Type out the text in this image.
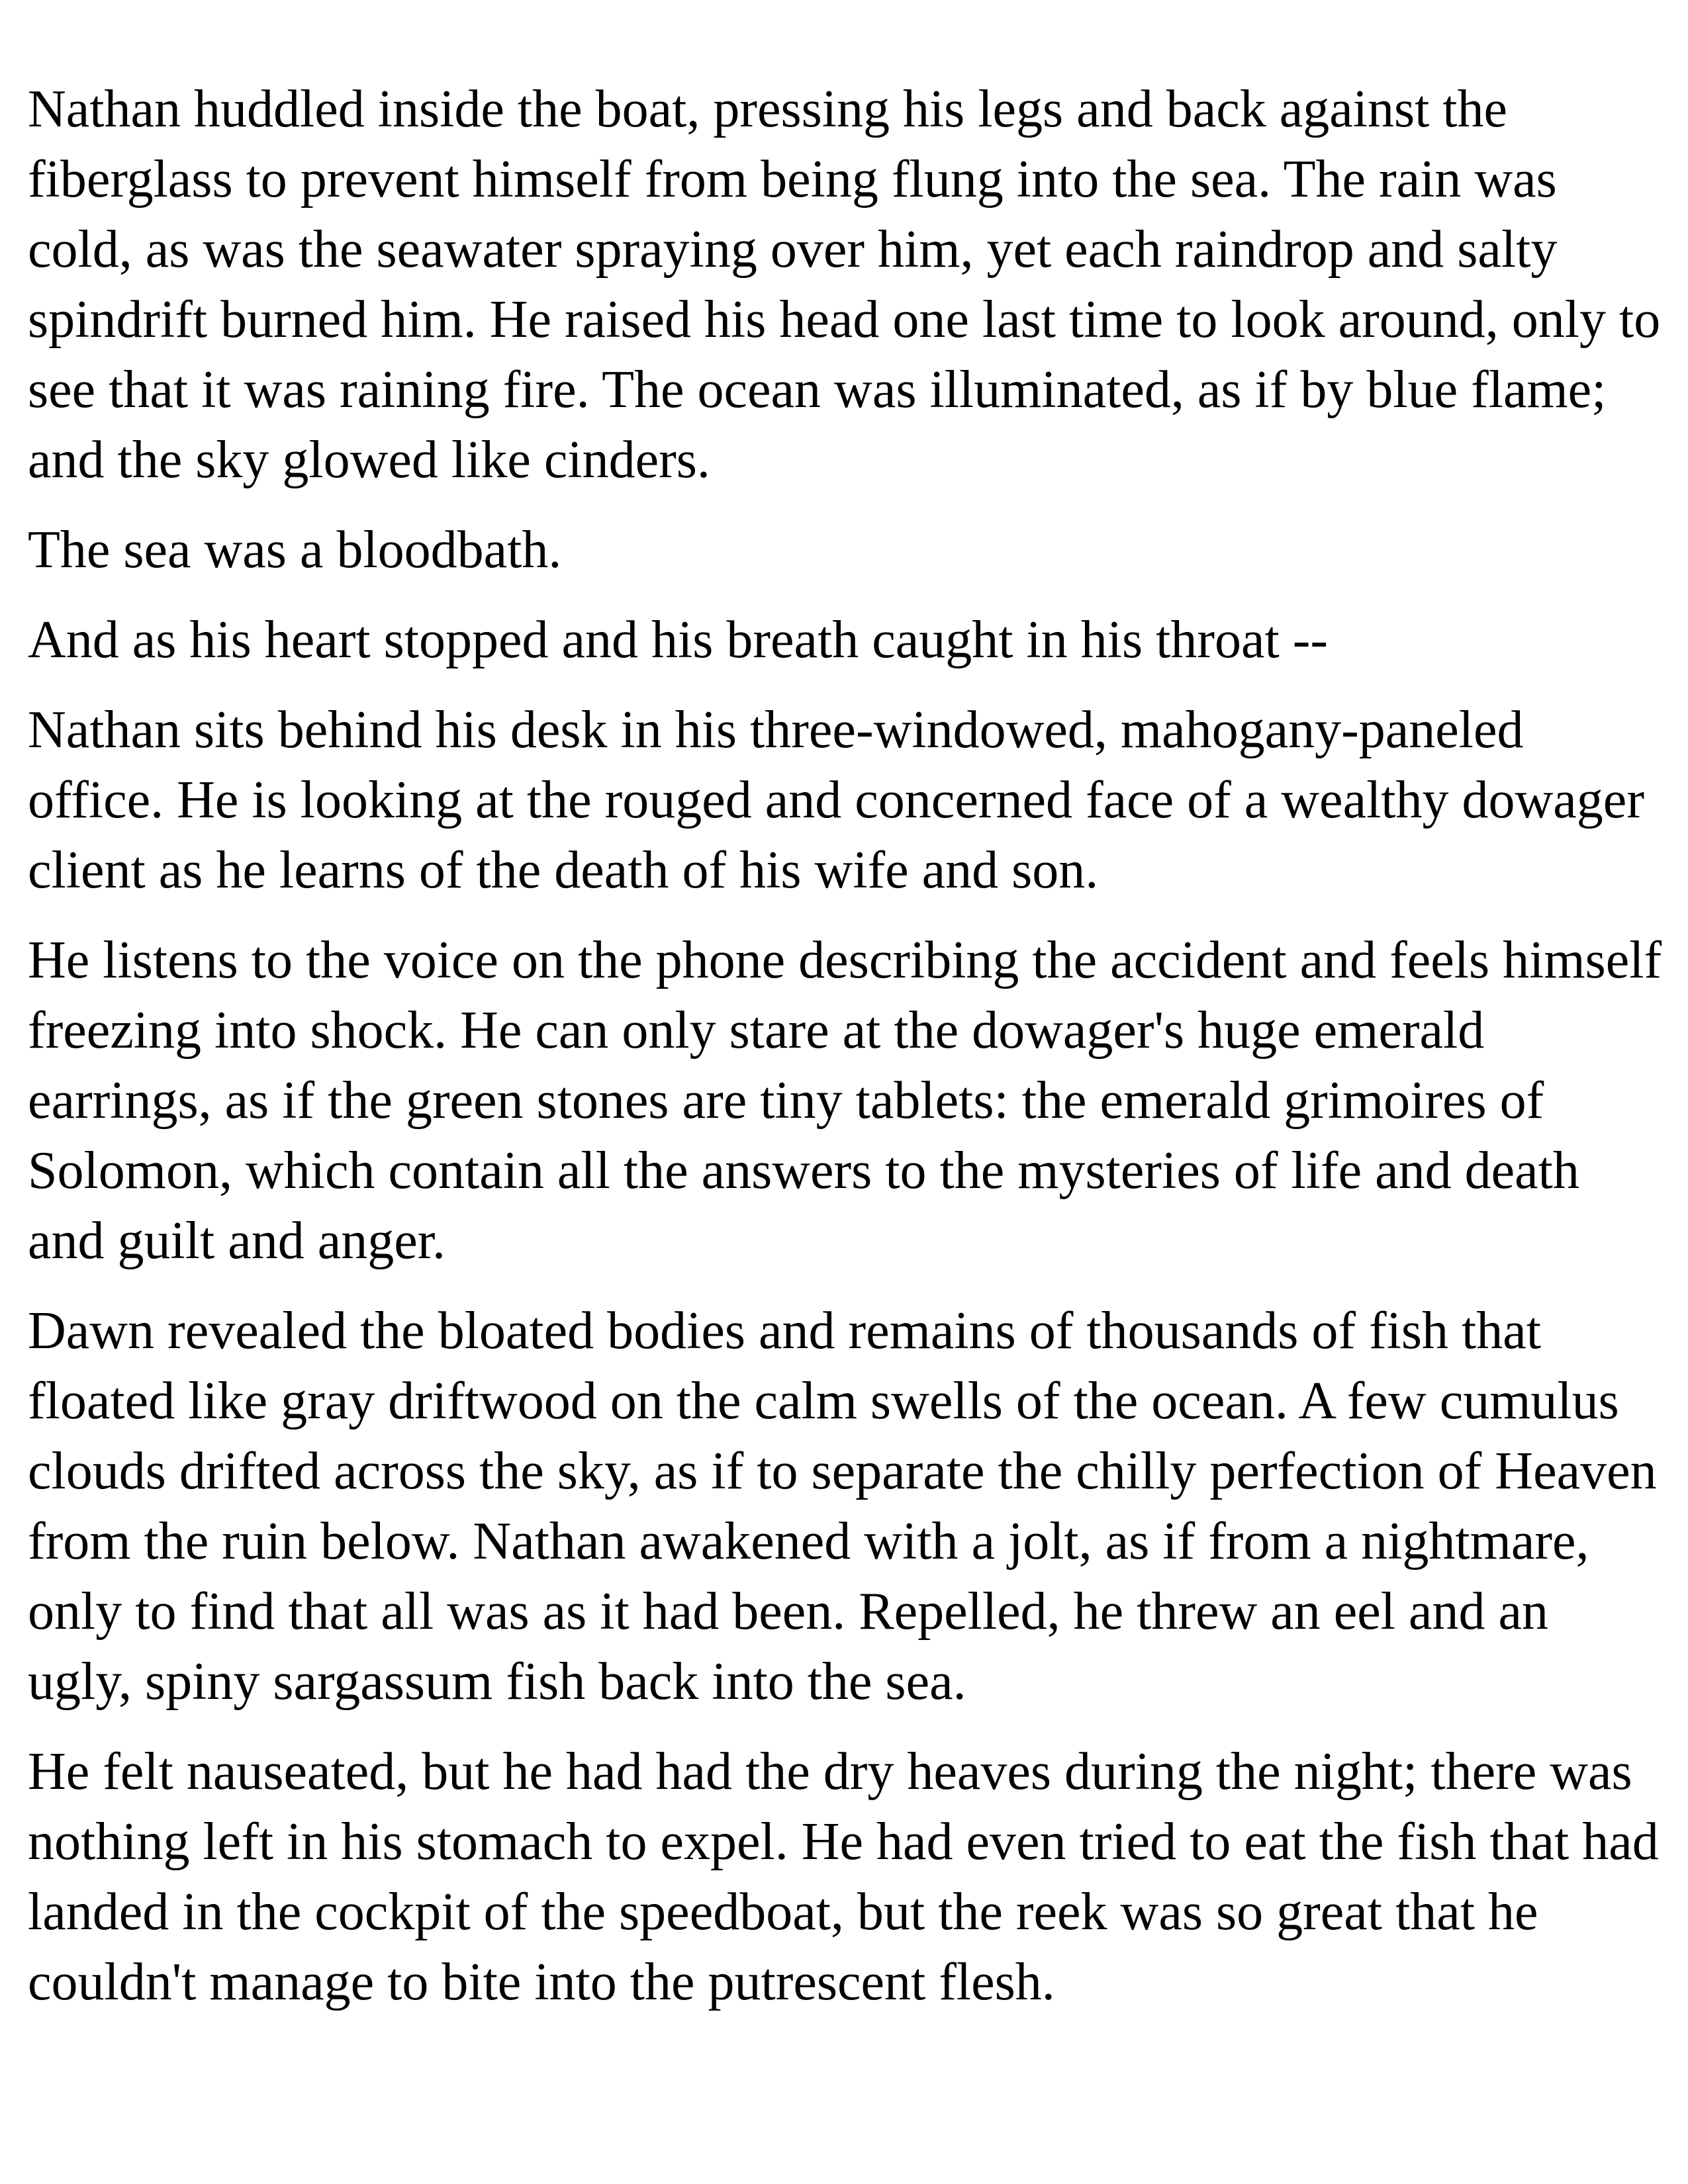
Nathan huddled inside the boat, pressing his legs and back against the fiberglass to prevent himself from being flung into the sea. The rain was cold, as was the seawater spraying over him, yet each raindrop and salty spindrift burned him. He raised his head one last time to look around, only to see that it was raining fire. The ocean was illuminated, as if by blue flame; and the sky glowed like cinders.

The sea was a bloodbath.

And as his heart stopped and his breath caught in his throat --

Nathan sits behind his desk in his three-windowed, mahogany-paneled office. He is looking at the rouged and concerned face of a wealthy dowager client as he learns of the death of his wife and son.

He listens to the voice on the phone describing the accident and feels himself freezing into shock. He can only stare at the dowager's huge emerald earrings, as if the green stones are tiny tablets: the emerald grimoires of Solomon, which contain all the answers to the mysteries of life and death and guilt and anger.

Dawn revealed the bloated bodies and remains of thousands of fish that floated like gray driftwood on the calm swells of the ocean. A few cumulus clouds drifted across the sky, as if to separate the chilly perfection of Heaven from the ruin below. Nathan awakened with a jolt, as if from a nightmare, only to find that all was as it had been. Repelled, he threw an eel and an ugly, spiny sargassum fish back into the sea.

He felt nauseated, but he had had the dry heaves during the night; there was nothing left in his stomach to expel. He had even tried to eat the fish that had landed in the cockpit of the speedboat, but the reek was so great that he couldn't manage to bite into the putrescent flesh.
